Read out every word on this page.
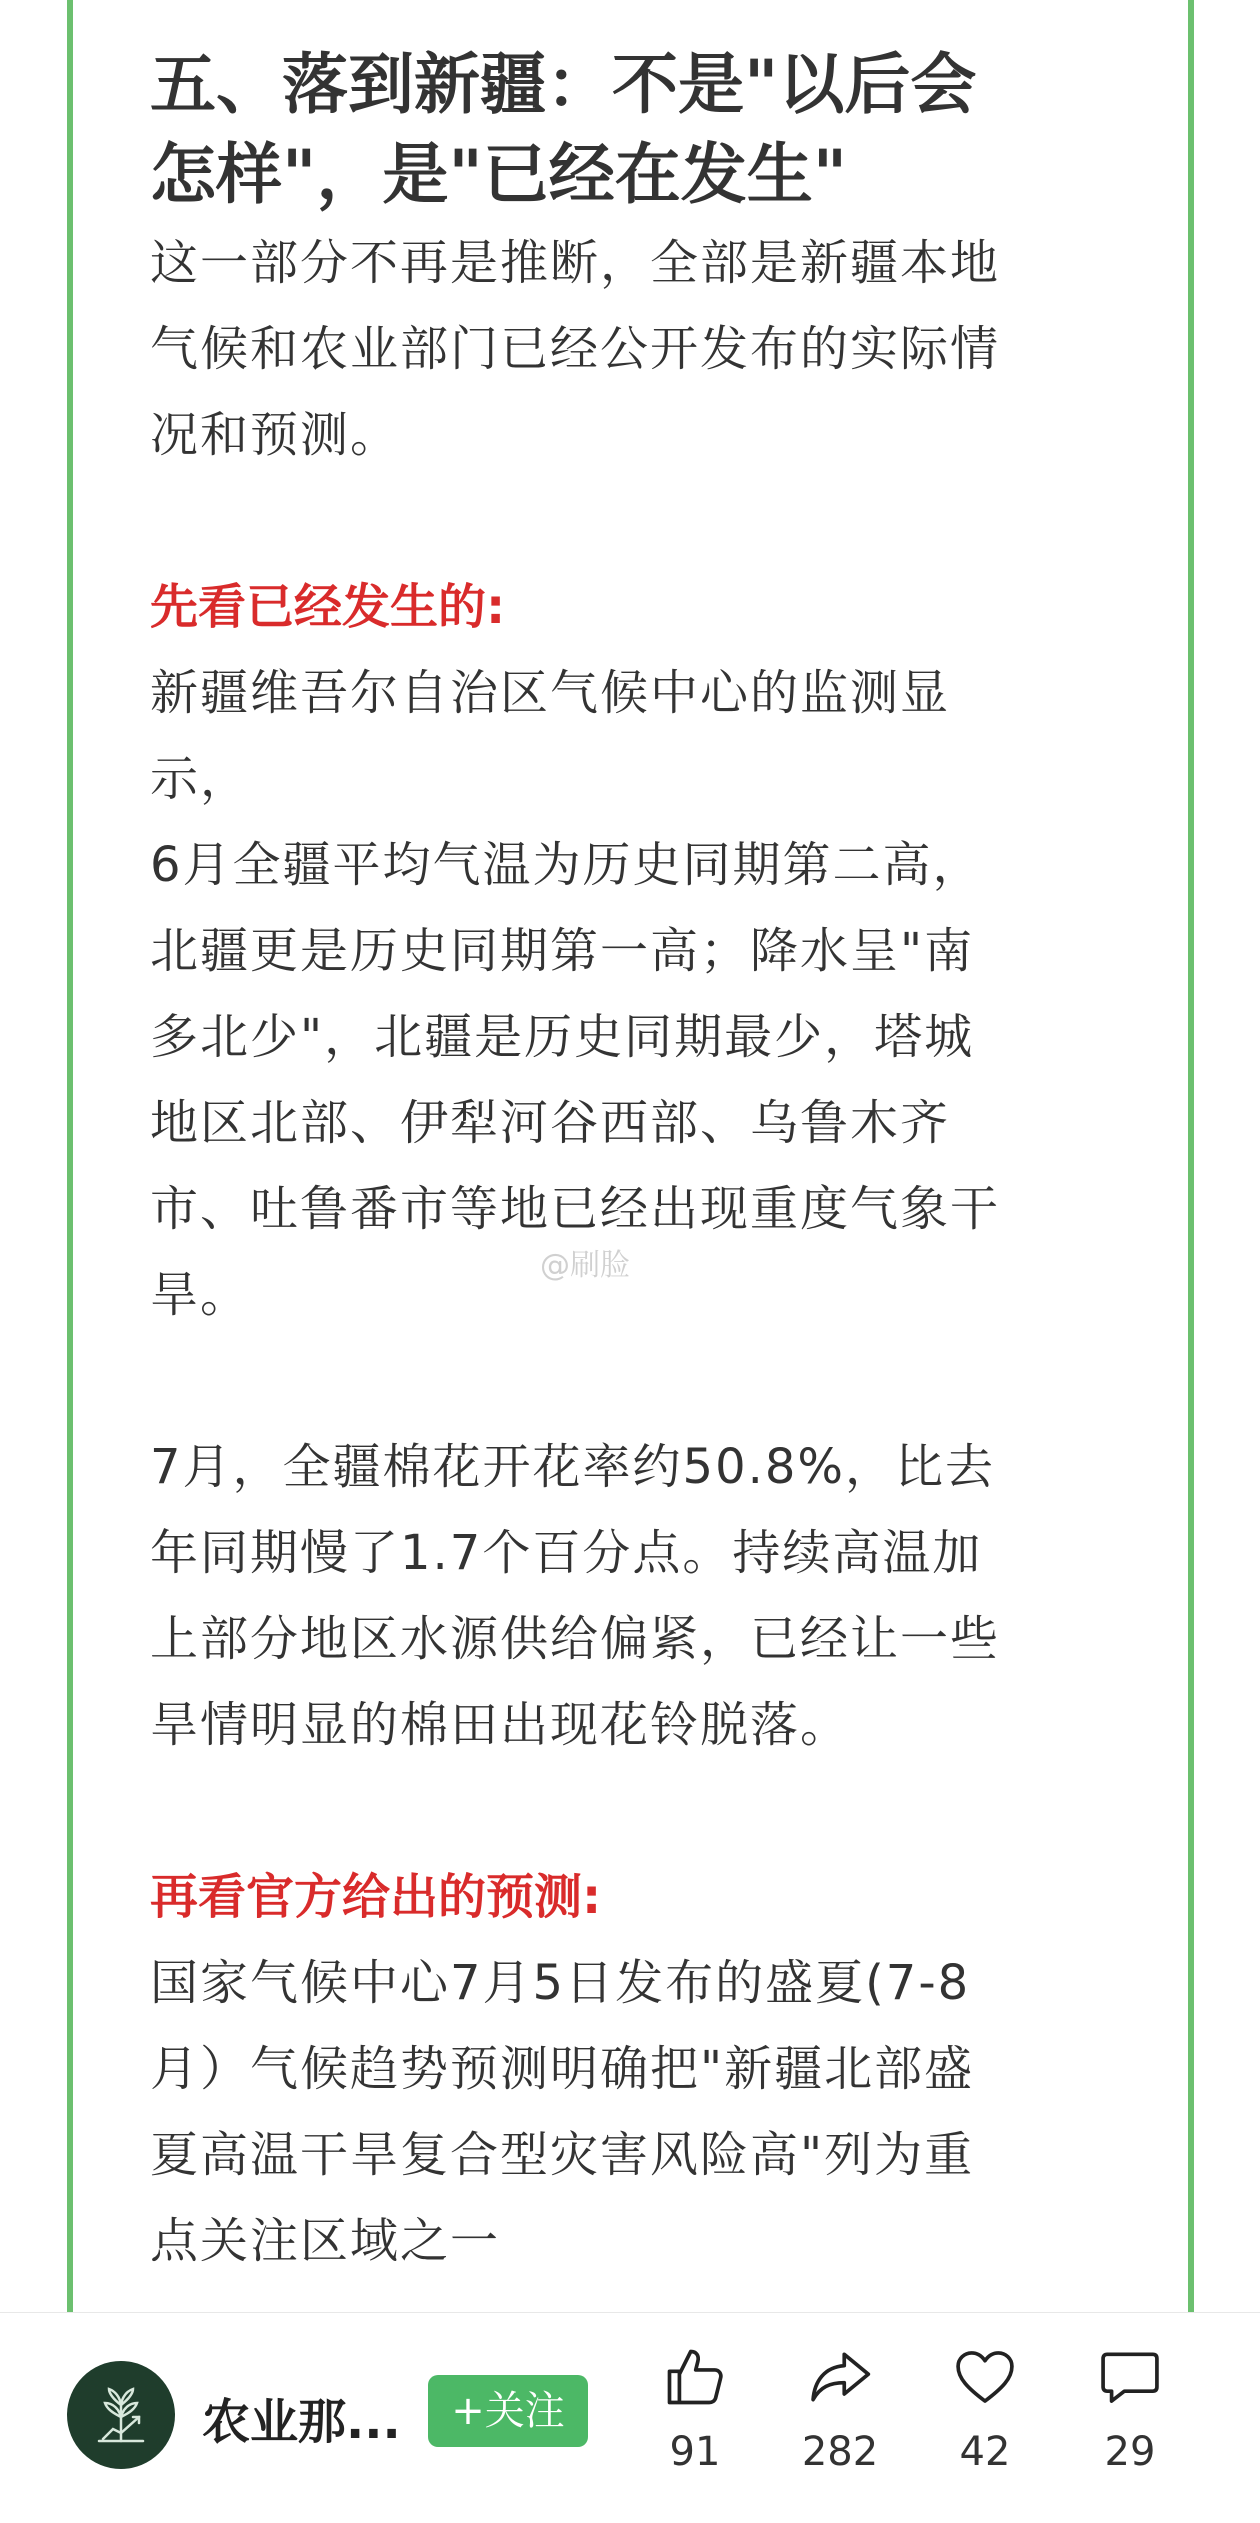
五、落到新疆：不是"以后会
怎样"，是"已经在发生"
这一部分不再是推断，全部是新疆本地
气候和农业部门已经公开发布的实际情
况和预测。
先看已经发生的:
新疆维吾尔自治区气候中心的监测显
示，
6月全疆平均气温为历史同期第二高，
北疆更是历史同期第一高；降水呈"南
多北少"，北疆是历史同期最少，塔城
地区北部、伊犁河谷西部、乌鲁木齐
市、吐鲁番市等地已经出现重度气象干
旱。
7月，全疆棉花开花率约50.8%，比去
年同期慢了1.7个百分点。持续高温加
上部分地区水源供给偏紧，已经让一些
旱情明显的棉田出现花铃脱落。
再看官方给出的预测:
国家气候中心7月5日发布的盛夏(7-8
月）气候趋势预测明确把"新疆北部盛
夏高温干旱复合型灾害风险高"列为重
点关注区域之一
@刷脸
农业那...	+关注
91	282	42	29
